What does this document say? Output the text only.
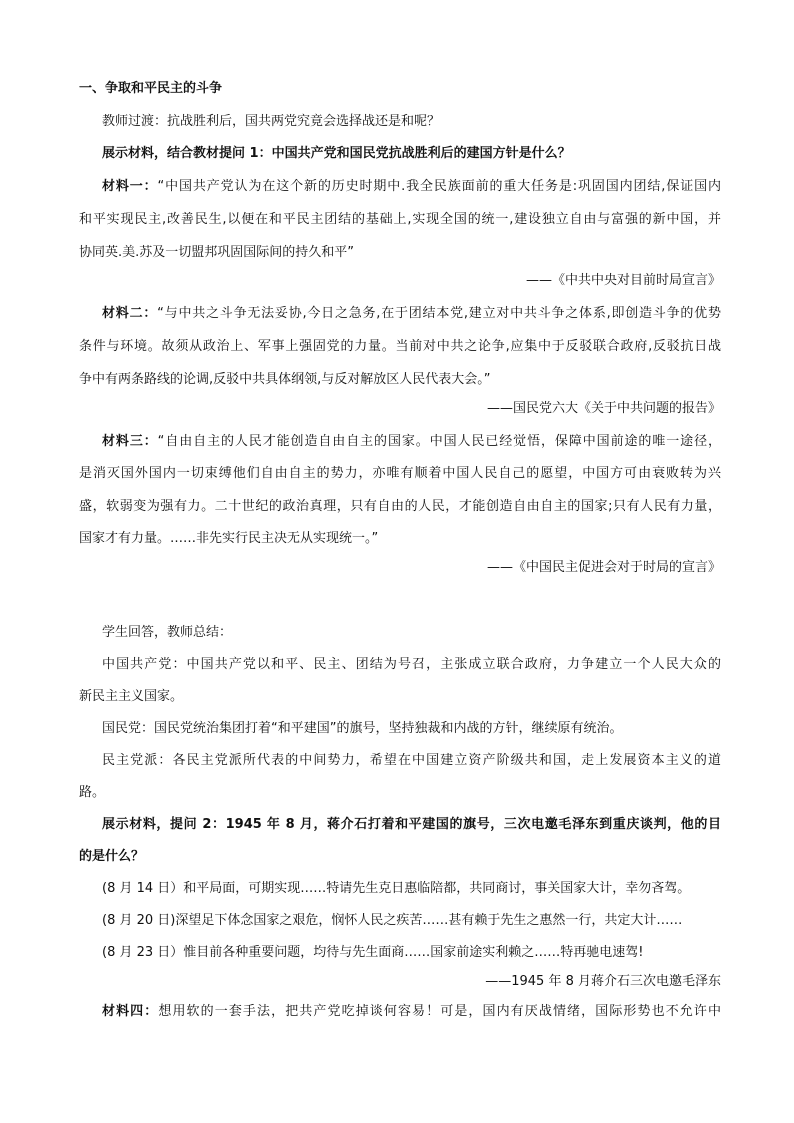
一、争取和平民主的斗争
教师过渡：抗战胜利后，国共两党究竟会选择战还是和呢？
展示材料，结合教材提问 1：中国共产党和国民党抗战胜利后的建国方针是什么？
材料一：“中国共产党认为在这个新的历史时期中.我全民族面前的重大任务是:巩固国内团结,保证国内
和平实现民主,改善民生,以便在和平民主团结的基础上,实现全国的统一,建设独立自由与富强的新中国，并
协同英.美.苏及一切盟邦巩固国际间的持久和平”
——《中共中央对目前时局宣言》
材料二：“与中共之斗争无法妥协,今日之急务,在于团结本党,建立对中共斗争之体系,即创造斗争的优势
条件与环境。故须从政治上、军事上强固党的力量。当前对中共之论争,应集中于反驳联合政府,反驳抗日战
争中有两条路线的论调,反驳中共具体纲领,与反对解放区人民代表大会。”
——国民党六大《关于中共问题的报告》
材料三：“自由自主的人民才能创造自由自主的国家。中国人民已经觉悟，保障中国前途的唯一途径，
是消灭国外国内一切束缚他们自由自主的势力，亦唯有顺着中国人民自己的愿望，中国方可由衰败转为兴
盛，软弱变为强有力。二十世纪的政治真理，只有自由的人民，才能创造自由自主的国家;只有人民有力量，
国家才有力量。……非先实行民主决无从实现统一。”
——《中国民主促进会对于时局的宣言》
学生回答，教师总结：
中国共产党：中国共产党以和平、民主、团结为号召，主张成立联合政府，力争建立一个人民大众的
新民主主义国家。
国民党：国民党统治集团打着“和平建国”的旗号，坚持独裁和内战的方针，继续原有统治。
民主党派：各民主党派所代表的中间势力，希望在中国建立资产阶级共和国，走上发展资本主义的道
路。
展示材料，提问 2：1945 年 8 月，蒋介石打着和平建国的旗号，三次电邀毛泽东到重庆谈判，他的目
的是什么？
(8 月 14 日）和平局面，可期实现……特请先生克日惠临陪都，共同商讨，事关国家大计，幸勿吝驾。
(8 月 20 日)深望足下体念国家之艰危，悯怀人民之疾苦……甚有赖于先生之惠然一行，共定大计……
(8 月 23 日）惟目前各种重要问题，均待与先生面商……国家前途实利赖之……特再驰电速驾!
——1945 年 8 月蒋介石三次电邀毛泽东
材料四：想用软的一套手法，把共产党吃掉谈何容易！可是，国内有厌战情绪，国际形势也不允许中
